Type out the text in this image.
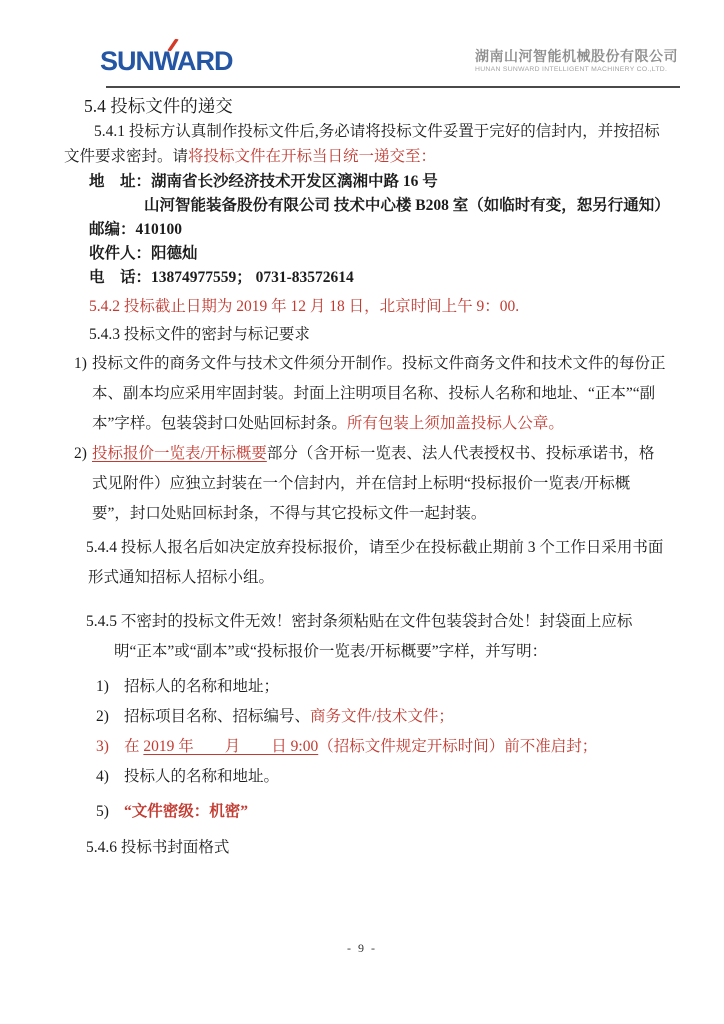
SUNWARD	湖南山河智能机械股份有限公司
HUNAN SUNWARD INTELLIGENT MACHINERY CO.,LTD.
5.4 投标文件的递交

5.4.1 投标方认真制作投标文件后,务必请将投标文件妥置于完好的信封内，并按招标文件要求密封。请将投标文件在开标当日统一递交至：

地　址：湖南省长沙经济技术开发区漓湘中路 16 号
山河智能装备股份有限公司 技术中心楼 B208 室（如临时有变，恕另行通知）
邮编：410100
收件人：阳德灿
电　话：13874977559； 0731-83572614

5.4.2 投标截止日期为 2019 年 12 月 18 日，北京时间上午 9：00.

5.4.3 投标文件的密封与标记要求

1) 投标文件的商务文件与技术文件须分开制作。投标文件商务文件和技术文件的每份正本、副本均应采用牢固封装。封面上注明项目名称、投标人名称和地址、“正本”“副本”字样。包装袋封口处贴回标封条。所有包装上须加盖投标人公章。
2) 投标报价一览表/开标概要部分（含开标一览表、法人代表授权书、投标承诺书，格式见附件）应独立封装在一个信封内，并在信封上标明“投标报价一览表/开标概要”，封口处贴回标封条，不得与其它投标文件一起封装。

5.4.4 投标人报名后如决定放弃投标报价，请至少在投标截止期前 3 个工作日采用书面形式通知招标人招标小组。

5.4.5 不密封的投标文件无效！密封条须粘贴在文件包装袋封合处！封袋面上应标明“正本”或“副本”或“投标报价一览表/开标概要”字样，并写明：

1) 招标人的名称和地址；
2) 招标项目名称、招标编号、商务文件/技术文件；
3) 在 2019 年　　月　　日 9:00（招标文件规定开标时间）前不准启封；
4) 投标人的名称和地址。
5) “文件密级：机密”

5.4.6 投标书封面格式

- 9 -
